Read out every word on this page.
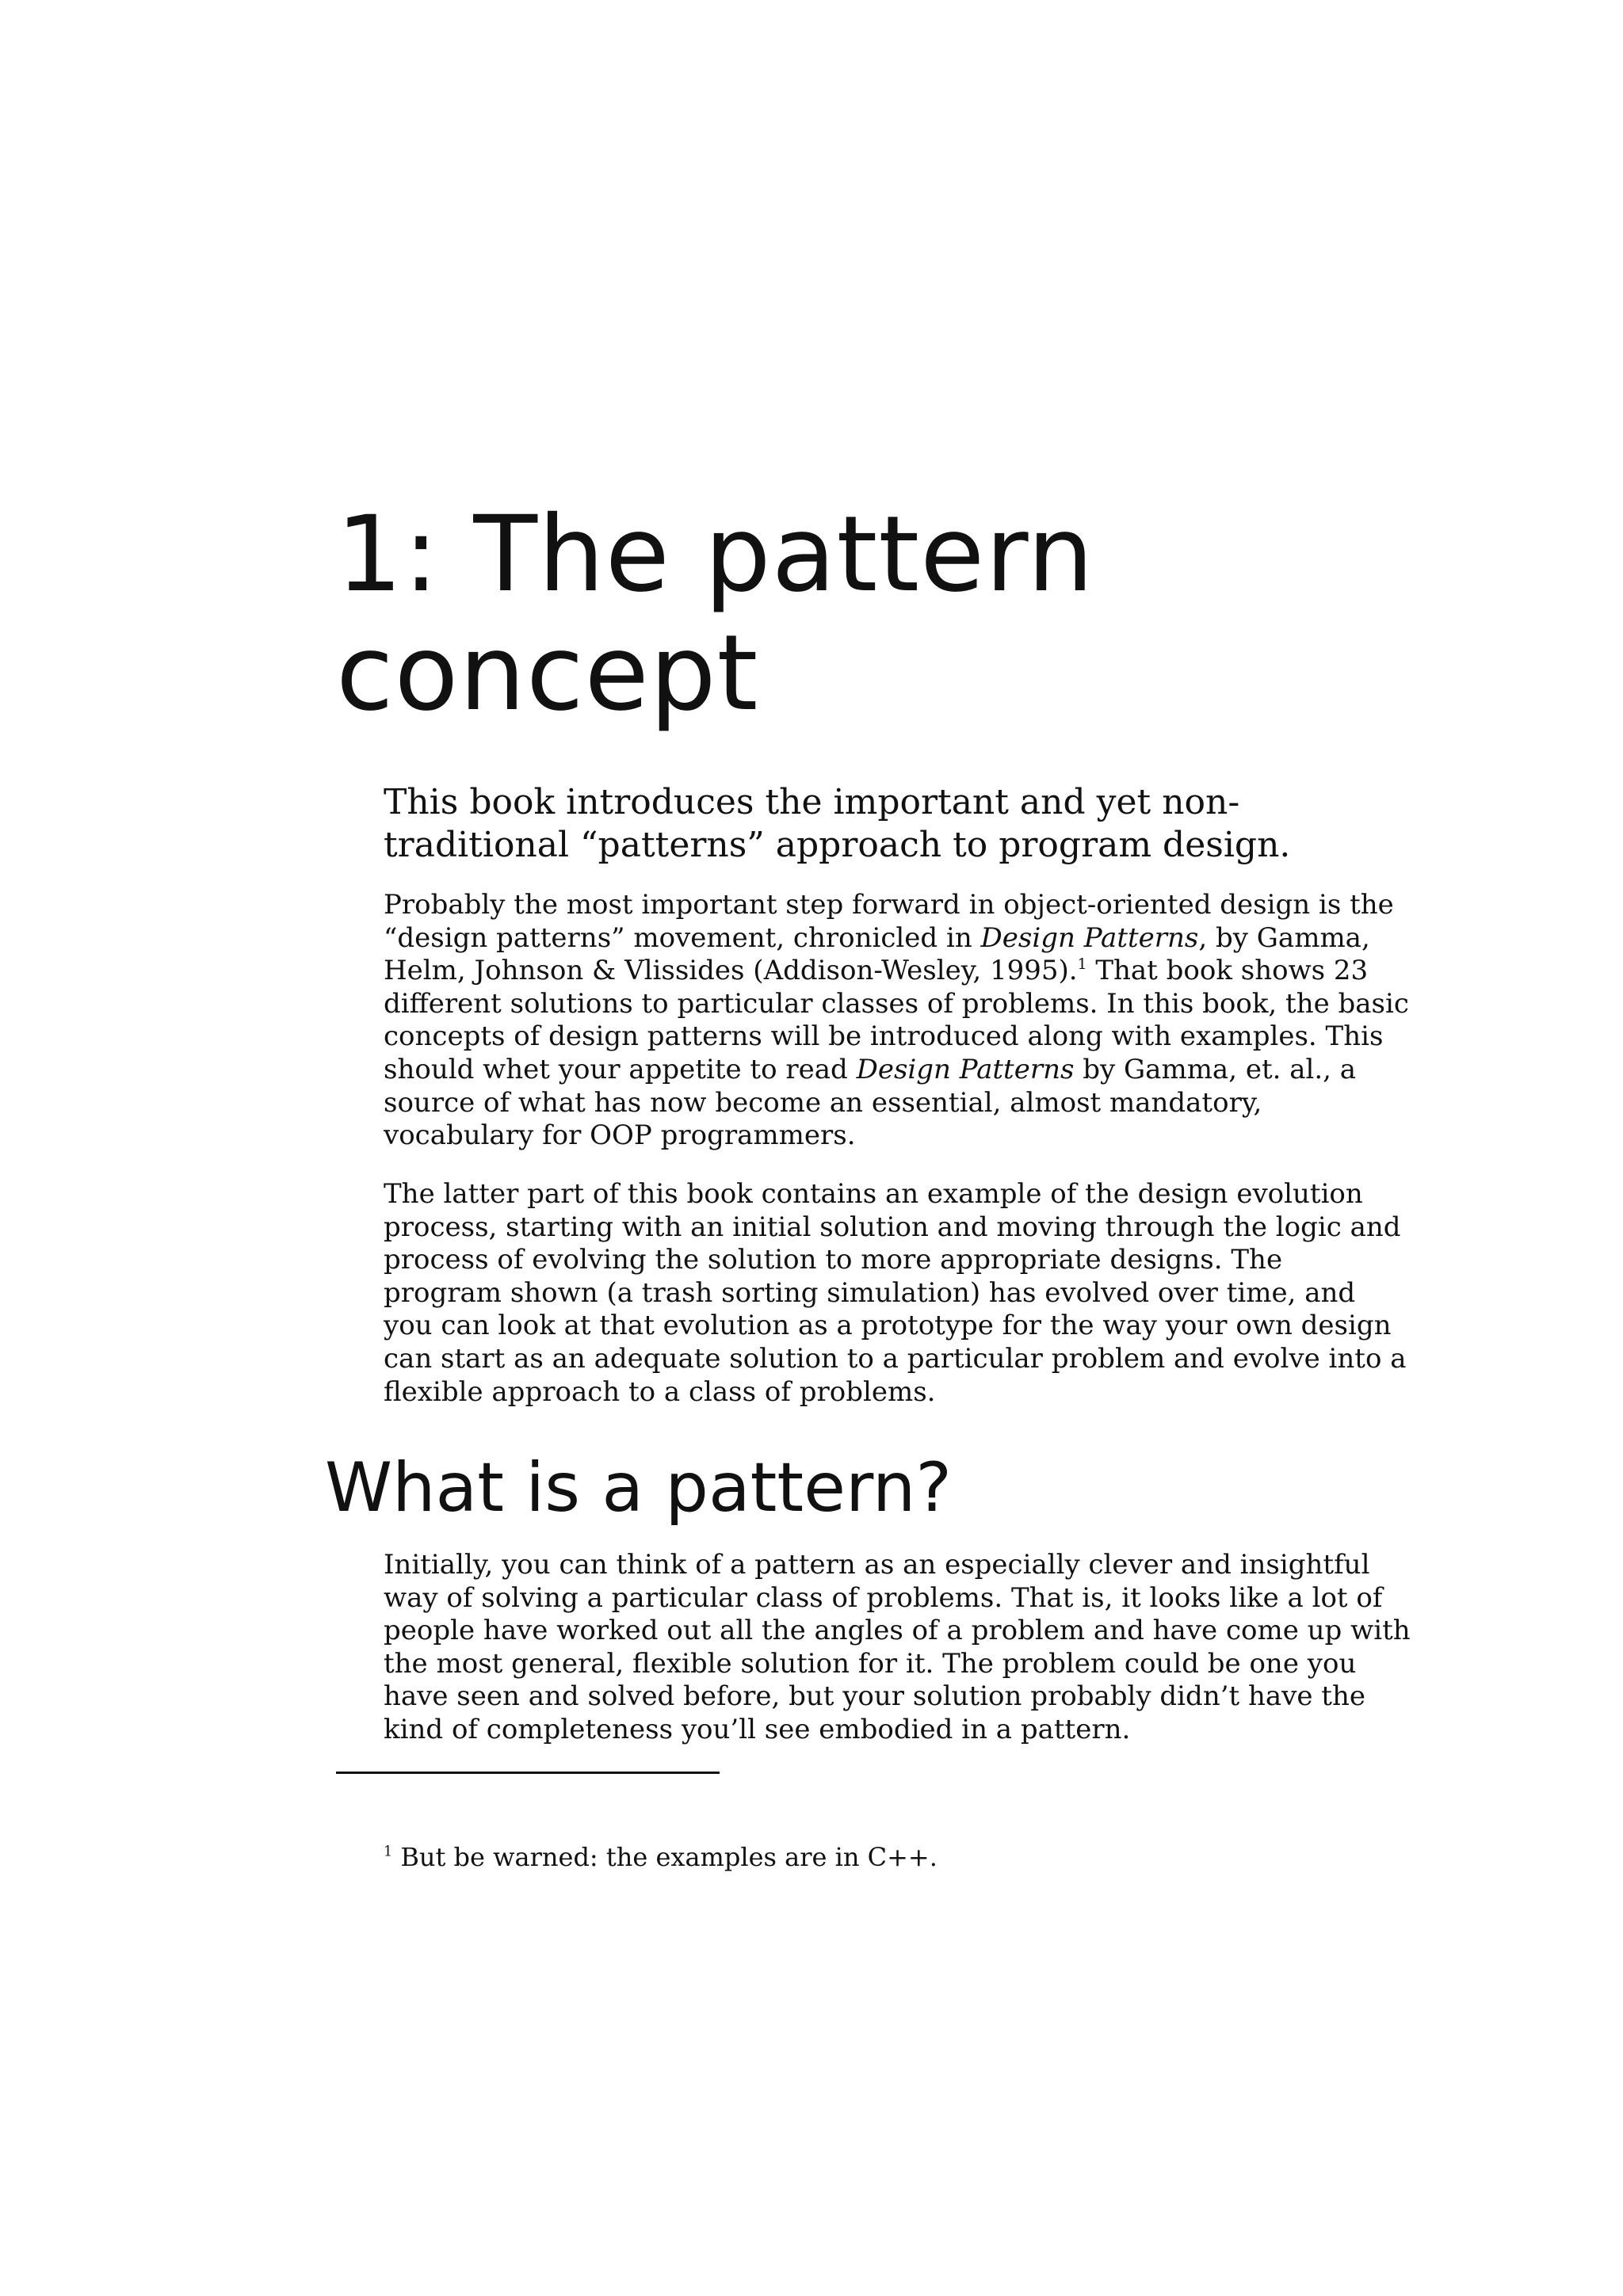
1: The pattern
concept

This book introduces the important and yet non-
traditional “patterns” approach to program design.

Probably the most important step forward in object-oriented design is the
“design patterns” movement, chronicled in Design Patterns, by Gamma,
Helm, Johnson & Vlissides (Addison-Wesley, 1995).$^1$ That book shows 23
different solutions to particular classes of problems. In this book, the basic
concepts of design patterns will be introduced along with examples. This
should whet your appetite to read Design Patterns by Gamma, et. al., a
source of what has now become an essential, almost mandatory,
vocabulary for OOP programmers.

The latter part of this book contains an example of the design evolution
process, starting with an initial solution and moving through the logic and
process of evolving the solution to more appropriate designs. The
program shown (a trash sorting simulation) has evolved over time, and
you can look at that evolution as a prototype for the way your own design
can start as an adequate solution to a particular problem and evolve into a
flexible approach to a class of problems.

What is a pattern?

Initially, you can think of a pattern as an especially clever and insightful
way of solving a particular class of problems. That is, it looks like a lot of
people have worked out all the angles of a problem and have come up with
the most general, flexible solution for it. The problem could be one you
have seen and solved before, but your solution probably didn’t have the
kind of completeness you’ll see embodied in a pattern.

$^1$ But be warned: the examples are in C++.
